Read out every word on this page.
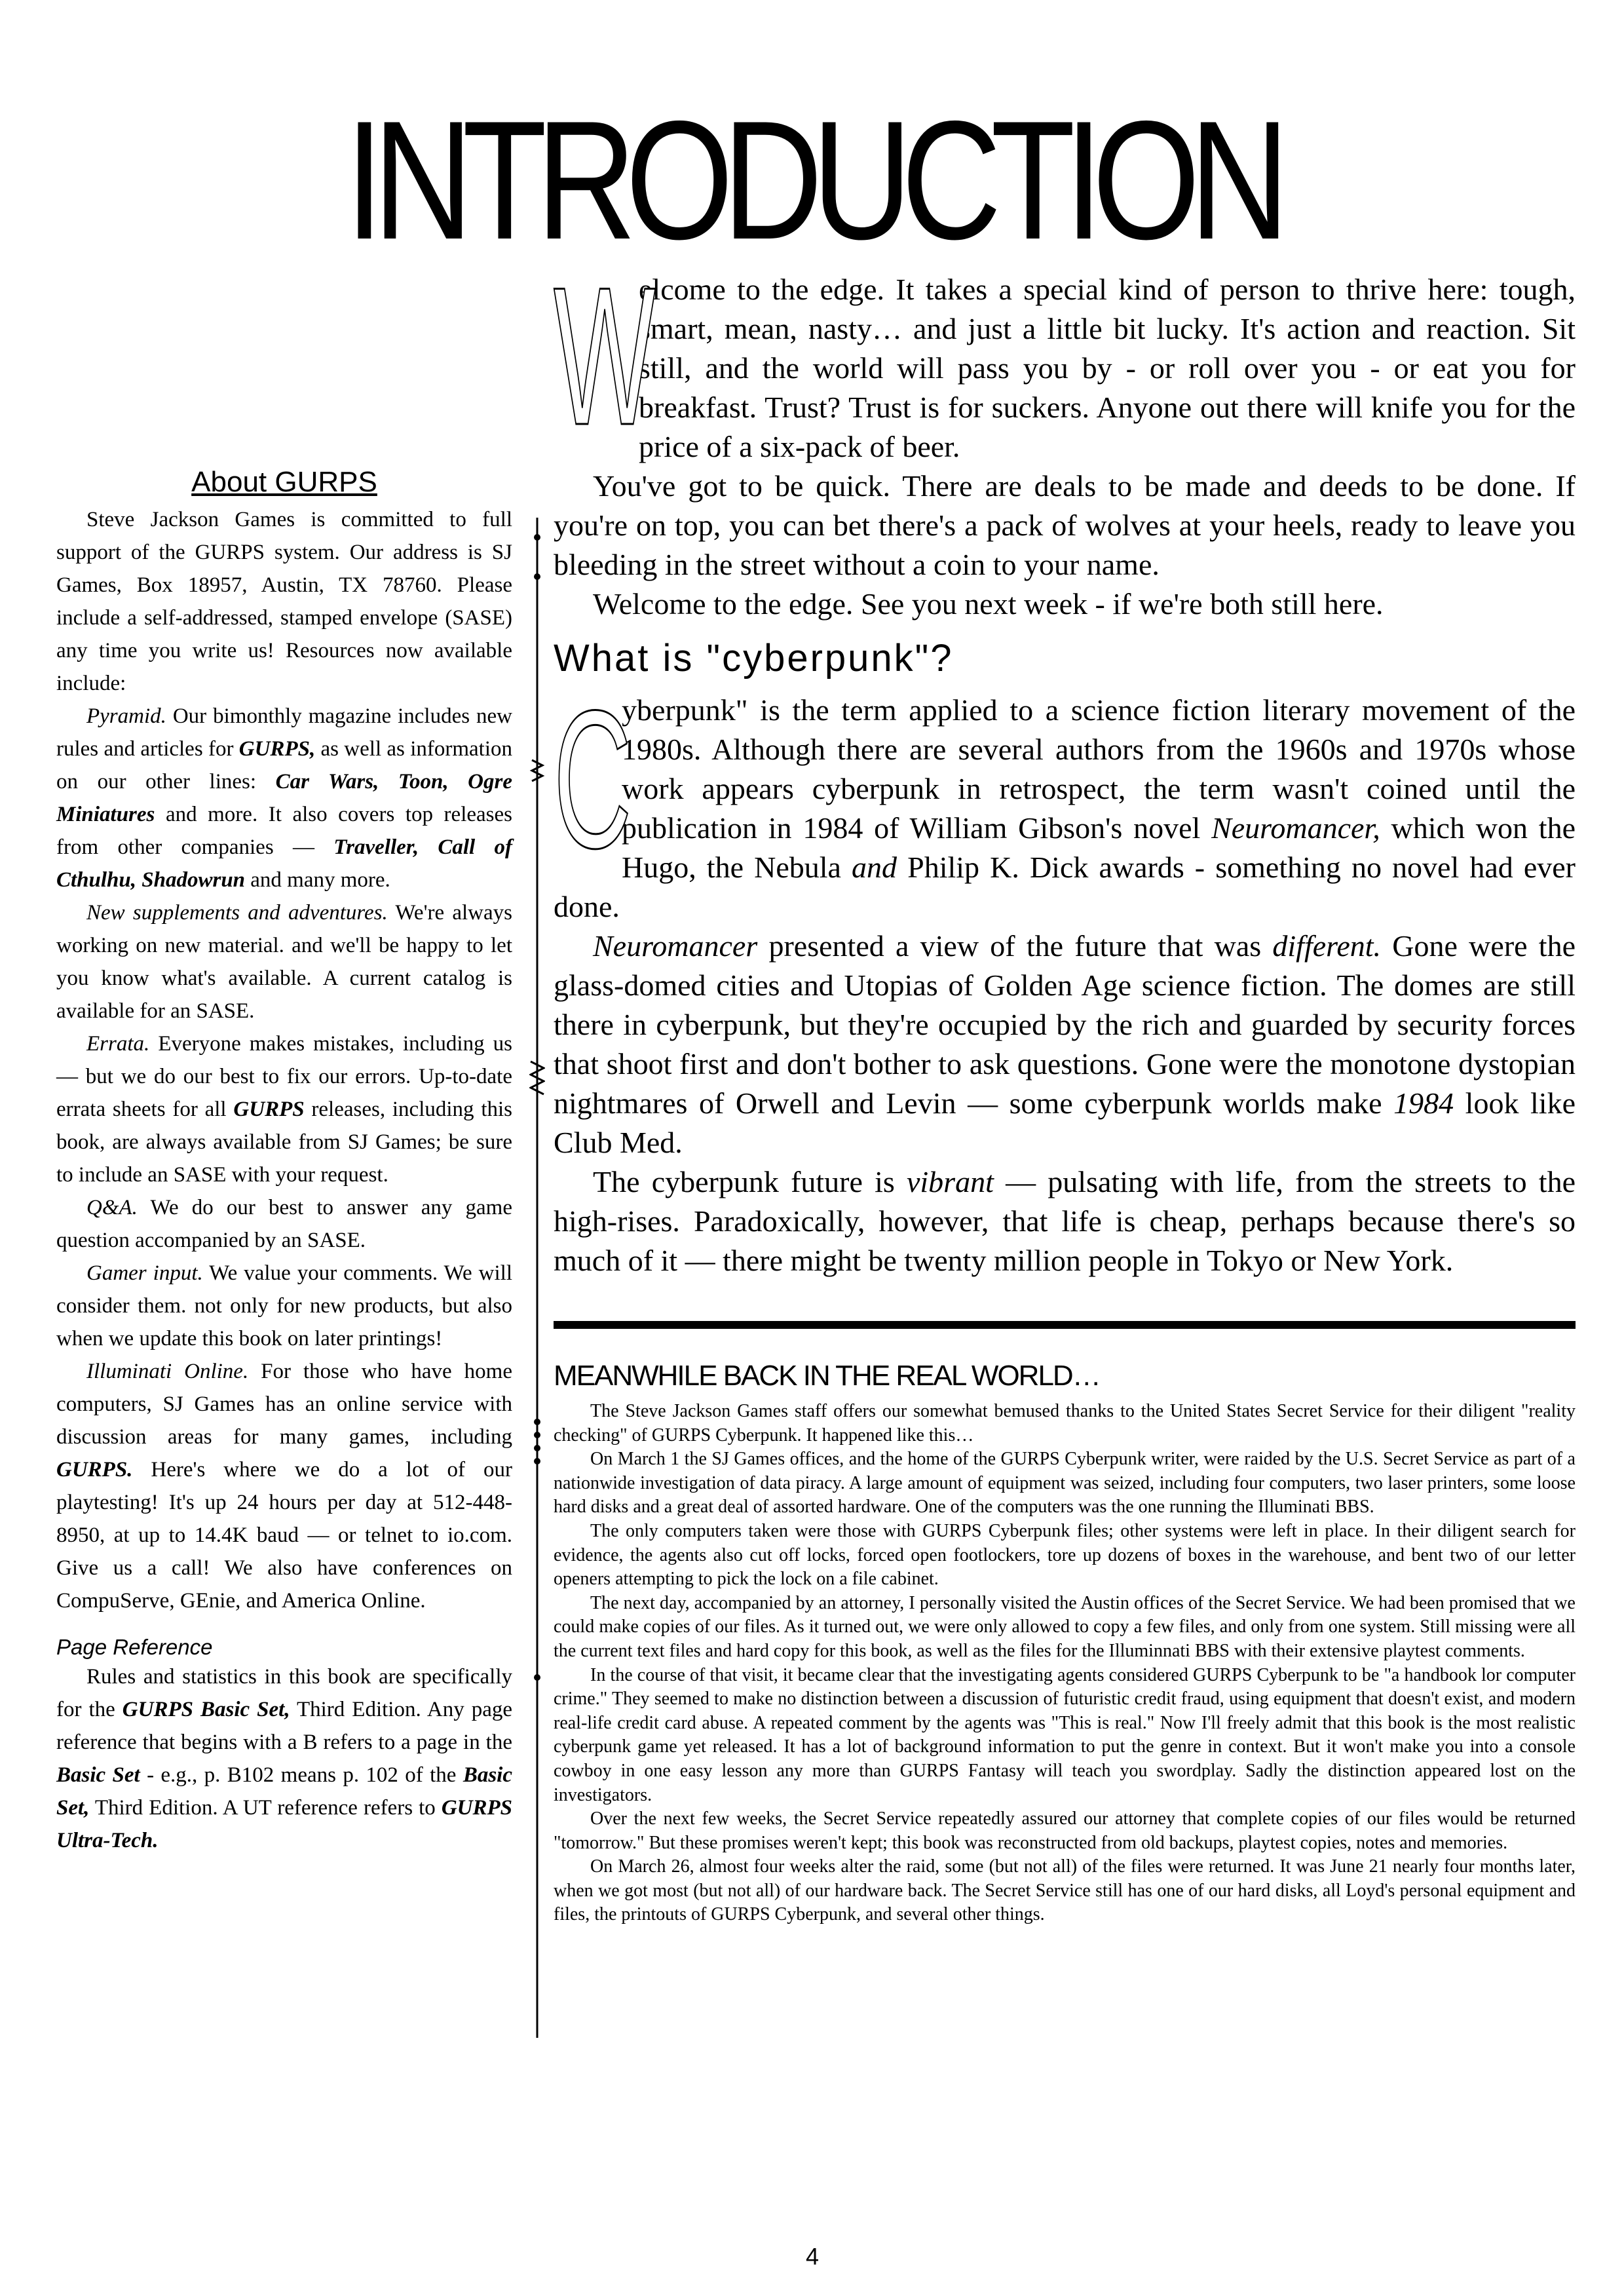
INTRODUCTION
About GURPS

Steve Jackson Games is committed to full support of the GURPS system. Our address is SJ Games, Box 18957, Austin, TX 78760. Please include a self-addressed, stamped envelope (SASE) any time you write us! Resources now available include:

Pyramid. Our bimonthly magazine includes new rules and articles for GURPS, as well as information on our other lines: Car Wars, Toon, Ogre Miniatures and more. It also covers top releases from other companies — Traveller, Call of Cthulhu, Shadowrun and many more.

New supplements and adventures. We're always working on new material. and we'll be happy to let you know what's available. A current catalog is available for an SASE.

Errata. Everyone makes mistakes, including us — but we do our best to fix our errors. Up-to-date errata sheets for all GURPS releases, including this book, are always available from SJ Games; be sure to include an SASE with your request.

Q&A. We do our best to answer any game question accompanied by an SASE.

Gamer input. We value your comments. We will consider them. not only for new products, but also when we update this book on later printings!

Illuminati Online. For those who have home computers, SJ Games has an online service with discussion areas for many games, including GURPS. Here's where we do a lot of our playtesting! It's up 24 hours per day at 512-448-8950, at up to 14.4K baud — or telnet to io.com. Give us a call! We also have conferences on CompuServe, GEnie, and America Online.

Page Reference

Rules and statistics in this book are specifically for the GURPS Basic Set, Third Edition. Any page reference that begins with a B refers to a page in the Basic Set - e.g., p. B102 means p. 102 of the Basic Set, Third Edition. A UT reference refers to GURPS Ultra-Tech.

W
elcome to the edge. It takes a special kind of person to thrive here: tough, smart, mean, nasty… and just a little bit lucky. It's action and reaction. Sit still, and the world will pass you by - or roll over you - or eat you for breakfast. Trust? Trust is for suckers. Anyone out there will knife you for the price of a six-pack of beer.

You've got to be quick. There are deals to be made and deeds to be done. If you're on top, you can bet there's a pack of wolves at your heels, ready to leave you bleeding in the street without a coin to your name.

Welcome to the edge. See you next week - if we're both still here.

What is "cyberpunk"?

C
yberpunk" is the term applied to a science fiction literary movement of the 1980s. Although there are several authors from the 1960s and 1970s whose work appears cyberpunk in retrospect, the term wasn't coined until the publication in 1984 of William Gibson's novel Neuromancer, which won the Hugo, the Nebula and Philip K. Dick awards - something no novel had ever done.

Neuromancer presented a view of the future that was different. Gone were the glass-domed cities and Utopias of Golden Age science fiction. The domes are still there in cyberpunk, but they're occupied by the rich and guarded by security forces that shoot first and don't bother to ask questions. Gone were the monotone dystopian nightmares of Orwell and Levin — some cyberpunk worlds make 1984 look like Club Med.

The cyberpunk future is vibrant — pulsating with life, from the streets to the high-rises. Paradoxically, however, that life is cheap, perhaps because there's so much of it — there might be twenty million people in Tokyo or New York.

MEANWHILE BACK IN THE REAL WORLD…

The Steve Jackson Games staff offers our somewhat bemused thanks to the United States Secret Service for their diligent "reality checking" of GURPS Cyberpunk. It happened like this…

On March 1 the SJ Games offices, and the home of the GURPS Cyberpunk writer, were raided by the U.S. Secret Service as part of a nationwide investigation of data piracy. A large amount of equipment was seized, including four computers, two laser printers, some loose hard disks and a great deal of assorted hardware. One of the computers was the one running the Illuminati BBS.

The only computers taken were those with GURPS Cyberpunk files; other systems were left in place. In their diligent search for evidence, the agents also cut off locks, forced open footlockers, tore up dozens of boxes in the warehouse, and bent two of our letter openers attempting to pick the lock on a file cabinet.

The next day, accompanied by an attorney, I personally visited the Austin offices of the Secret Service. We had been promised that we could make copies of our files. As it turned out, we were only allowed to copy a few files, and only from one system. Still missing were all the current text files and hard copy for this book, as well as the files for the Illuminnati BBS with their extensive playtest comments.

In the course of that visit, it became clear that the investigating agents considered GURPS Cyberpunk to be "a handbook lor computer crime." They seemed to make no distinction between a discussion of futuristic credit fraud, using equipment that doesn't exist, and modern real-life credit card abuse. A repeated comment by the agents was "This is real." Now I'll freely admit that this book is the most realistic cyberpunk game yet released. It has a lot of background information to put the genre in context. But it won't make you into a console cowboy in one easy lesson any more than GURPS Fantasy will teach you swordplay. Sadly the distinction appeared lost on the investigators.

Over the next few weeks, the Secret Service repeatedly assured our attorney that complete copies of our files would be returned "tomorrow." But these promises weren't kept; this book was reconstructed from old backups, playtest copies, notes and memories.

On March 26, almost four weeks alter the raid, some (but not all) of the files were returned. It was June 21 nearly four months later, when we got most (but not all) of our hardware back. The Secret Service still has one of our hard disks, all Loyd's personal equipment and files, the printouts of GURPS Cyberpunk, and several other things.

4
